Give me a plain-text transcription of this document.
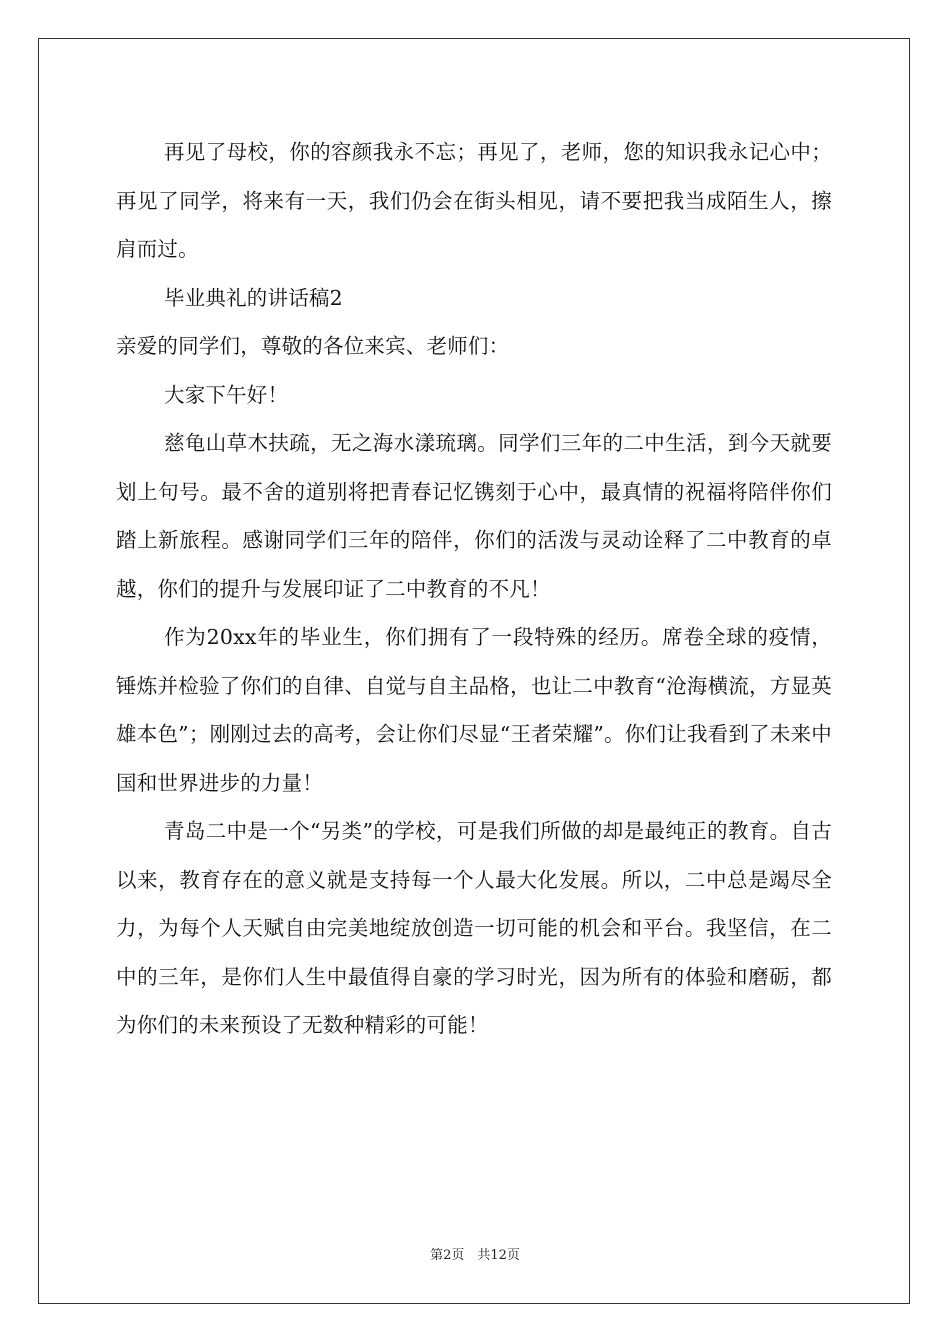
再见了母校，你的容颜我永不忘；再见了，老师，您的知识我永记心中；再见了同学，将来有一天，我们仍会在街头相见，请不要把我当成陌生人，擦肩而过。

毕业典礼的讲话稿2

亲爱的同学们，尊敬的各位来宾、老师们：

大家下午好！

慈龟山草木扶疏，无之海水漾琉璃。同学们三年的二中生活，到今天就要划上句号。最不舍的道别将把青春记忆镌刻于心中，最真情的祝福将陪伴你们踏上新旅程。感谢同学们三年的陪伴，你们的活泼与灵动诠释了二中教育的卓越，你们的提升与发展印证了二中教育的不凡！

作为20xx年的毕业生，你们拥有了一段特殊的经历。席卷全球的疫情，锤炼并检验了你们的自律、自觉与自主品格，也让二中教育“沧海横流，方显英雄本色”；刚刚过去的高考，会让你们尽显“王者荣耀”。你们让我看到了未来中国和世界进步的力量！

青岛二中是一个“另类”的学校，可是我们所做的却是最纯正的教育。自古以来，教育存在的意义就是支持每一个人最大化发展。所以，二中总是竭尽全力，为每个人天赋自由完美地绽放创造一切可能的机会和平台。我坚信，在二中的三年，是你们人生中最值得自豪的学习时光，因为所有的体验和磨砺，都为你们的未来预设了无数种精彩的可能！

第2页　共12页
